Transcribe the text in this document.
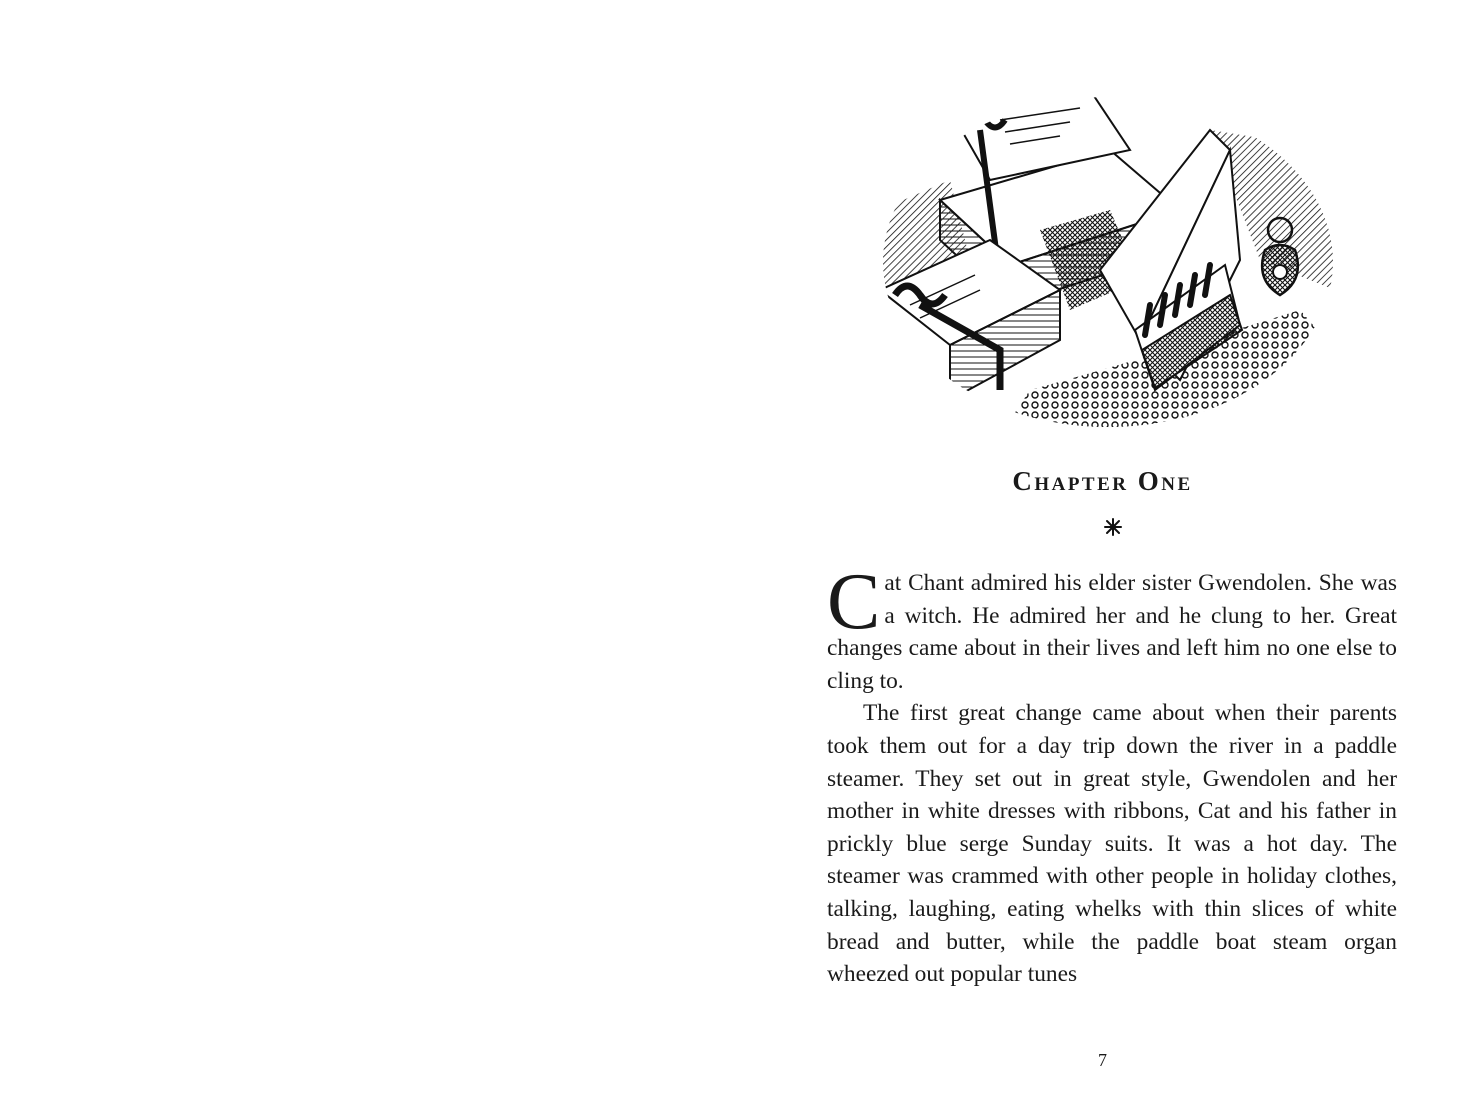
Chapter One

Cat Chant admired his elder sister Gwendolen. She was a witch. He admired her and he clung to her. Great changes came about in their lives and left him no one else to cling to.

The first great change came about when their parents took them out for a day trip down the river in a paddle steamer. They set out in great style, Gwendolen and her mother in white dresses with ribbons, Cat and his father in prickly blue serge Sunday suits. It was a hot day. The steamer was crammed with other people in holiday clothes, talking, laughing, eating whelks with thin slices of white bread and butter, while the paddle boat steam organ wheezed out popular tunes

7
